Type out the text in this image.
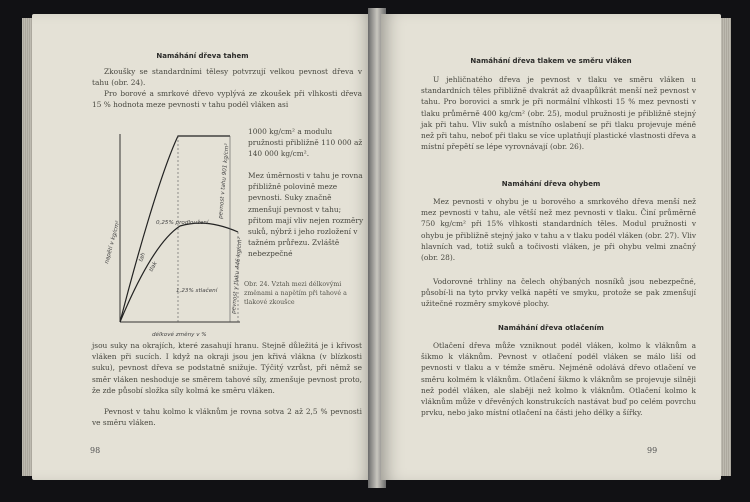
Namáhání dřeva tahem

Zkoušky se standardními tělesy potvrzují velkou pevnost dřeva v tahu (obr. 24).

Pro borové a smrkové dřevo vyplývá ze zkoušek při vlhkosti dřeva 15 % hodnota meze pevnosti v tahu podél vláken asi

napětí v kg/cm²
délkové změny v %
tah
tlak
0,25% prodloužení
1,23% stlačení
pevnost v tahu 901 kg/cm²
pevnost v tlaku 446 kg/cm²

1000 kg/cm² a modulu pružnosti přibližně 110 000 až 140 000 kg/cm².

Mez úměrnosti v tahu je rovna přibližně polovině meze pevnosti. Suky značně zmenšují pevnost v tahu; přitom mají vliv nejen rozměry suků, nýbrž i jeho rozložení v tažném průřezu. Zvláště nebezpečné

Obr. 24. Vztah mezi délkovými změnami a napětím při tahové a tlakové zkoušce

jsou suky na okrajích, které zasahují hranu. Stejně důležitá je i křivost vláken při sucích. I když na okraji jsou jen křivá vlákna (v blízkosti suku), pevnost dřeva se podstatně snižuje. Týčitý vzrůst, při němž se směr vláken neshoduje se směrem tahové síly, zmenšuje pevnost proto, že zde působí složka síly kolmá ke směru vláken.

Pevnost v tahu kolmo k vláknům je rovna sotva 2 až 2,5 % pevnosti ve směru vláken.

98
Namáhání dřeva tlakem ve směru vláken

U jehličnatého dřeva je pevnost v tlaku ve směru vláken u standardních těles přibližně dvakrát až dvaapůlkrát menší než pevnost v tahu. Pro borovici a smrk je při normální vlhkosti 15 % mez pevnosti v tlaku průměrně 400 kg/cm² (obr. 25), modul pružnosti je přibližně stejný jak při tahu. Vliv suků a místního oslabení se při tlaku projevuje méně než při tahu, neboť při tlaku se více uplatňují plastické vlastnosti dřeva a místní přepětí se lépe vyrovnávají (obr. 26).

Namáhání dřeva ohybem

Mez pevnosti v ohybu je u borového a smrkového dřeva menší než mez pevnosti v tahu, ale větší než mez pevnosti v tlaku. Činí průměrně 750 kg/cm² při 15% vlhkosti standardních těles. Modul pružnosti v ohybu je přibližně stejný jako v tahu a v tlaku podél vláken (obr. 27). Vliv hlavních vad, totiž suků a točivosti vláken, je při ohybu velmi značný (obr. 28).

Vodorovné trhliny na čelech ohýbaných nosníků jsou nebezpečné, působí-li na tyto prvky velká napětí ve smyku, protože se pak zmenšují užitečné rozměry smykové plochy.

Namáhání dřeva otlačením

Otlačení dřeva může vzniknout podél vláken, kolmo k vláknům a šikmo k vláknům. Pevnost v otlačení podél vláken se málo liší od pevnosti v tlaku a v témže směru. Nejméně odolává dřevo otlačení ve směru kolmém k vláknům. Otlačení šikmo k vláknům se projevuje silněji než podél vláken, ale slaběji než kolmo k vláknům. Otlačení kolmo k vláknům může v dřevěných konstrukcích nastávat buď po celém povrchu prvku, nebo jako místní otlačení na části jeho délky a šířky.

99
